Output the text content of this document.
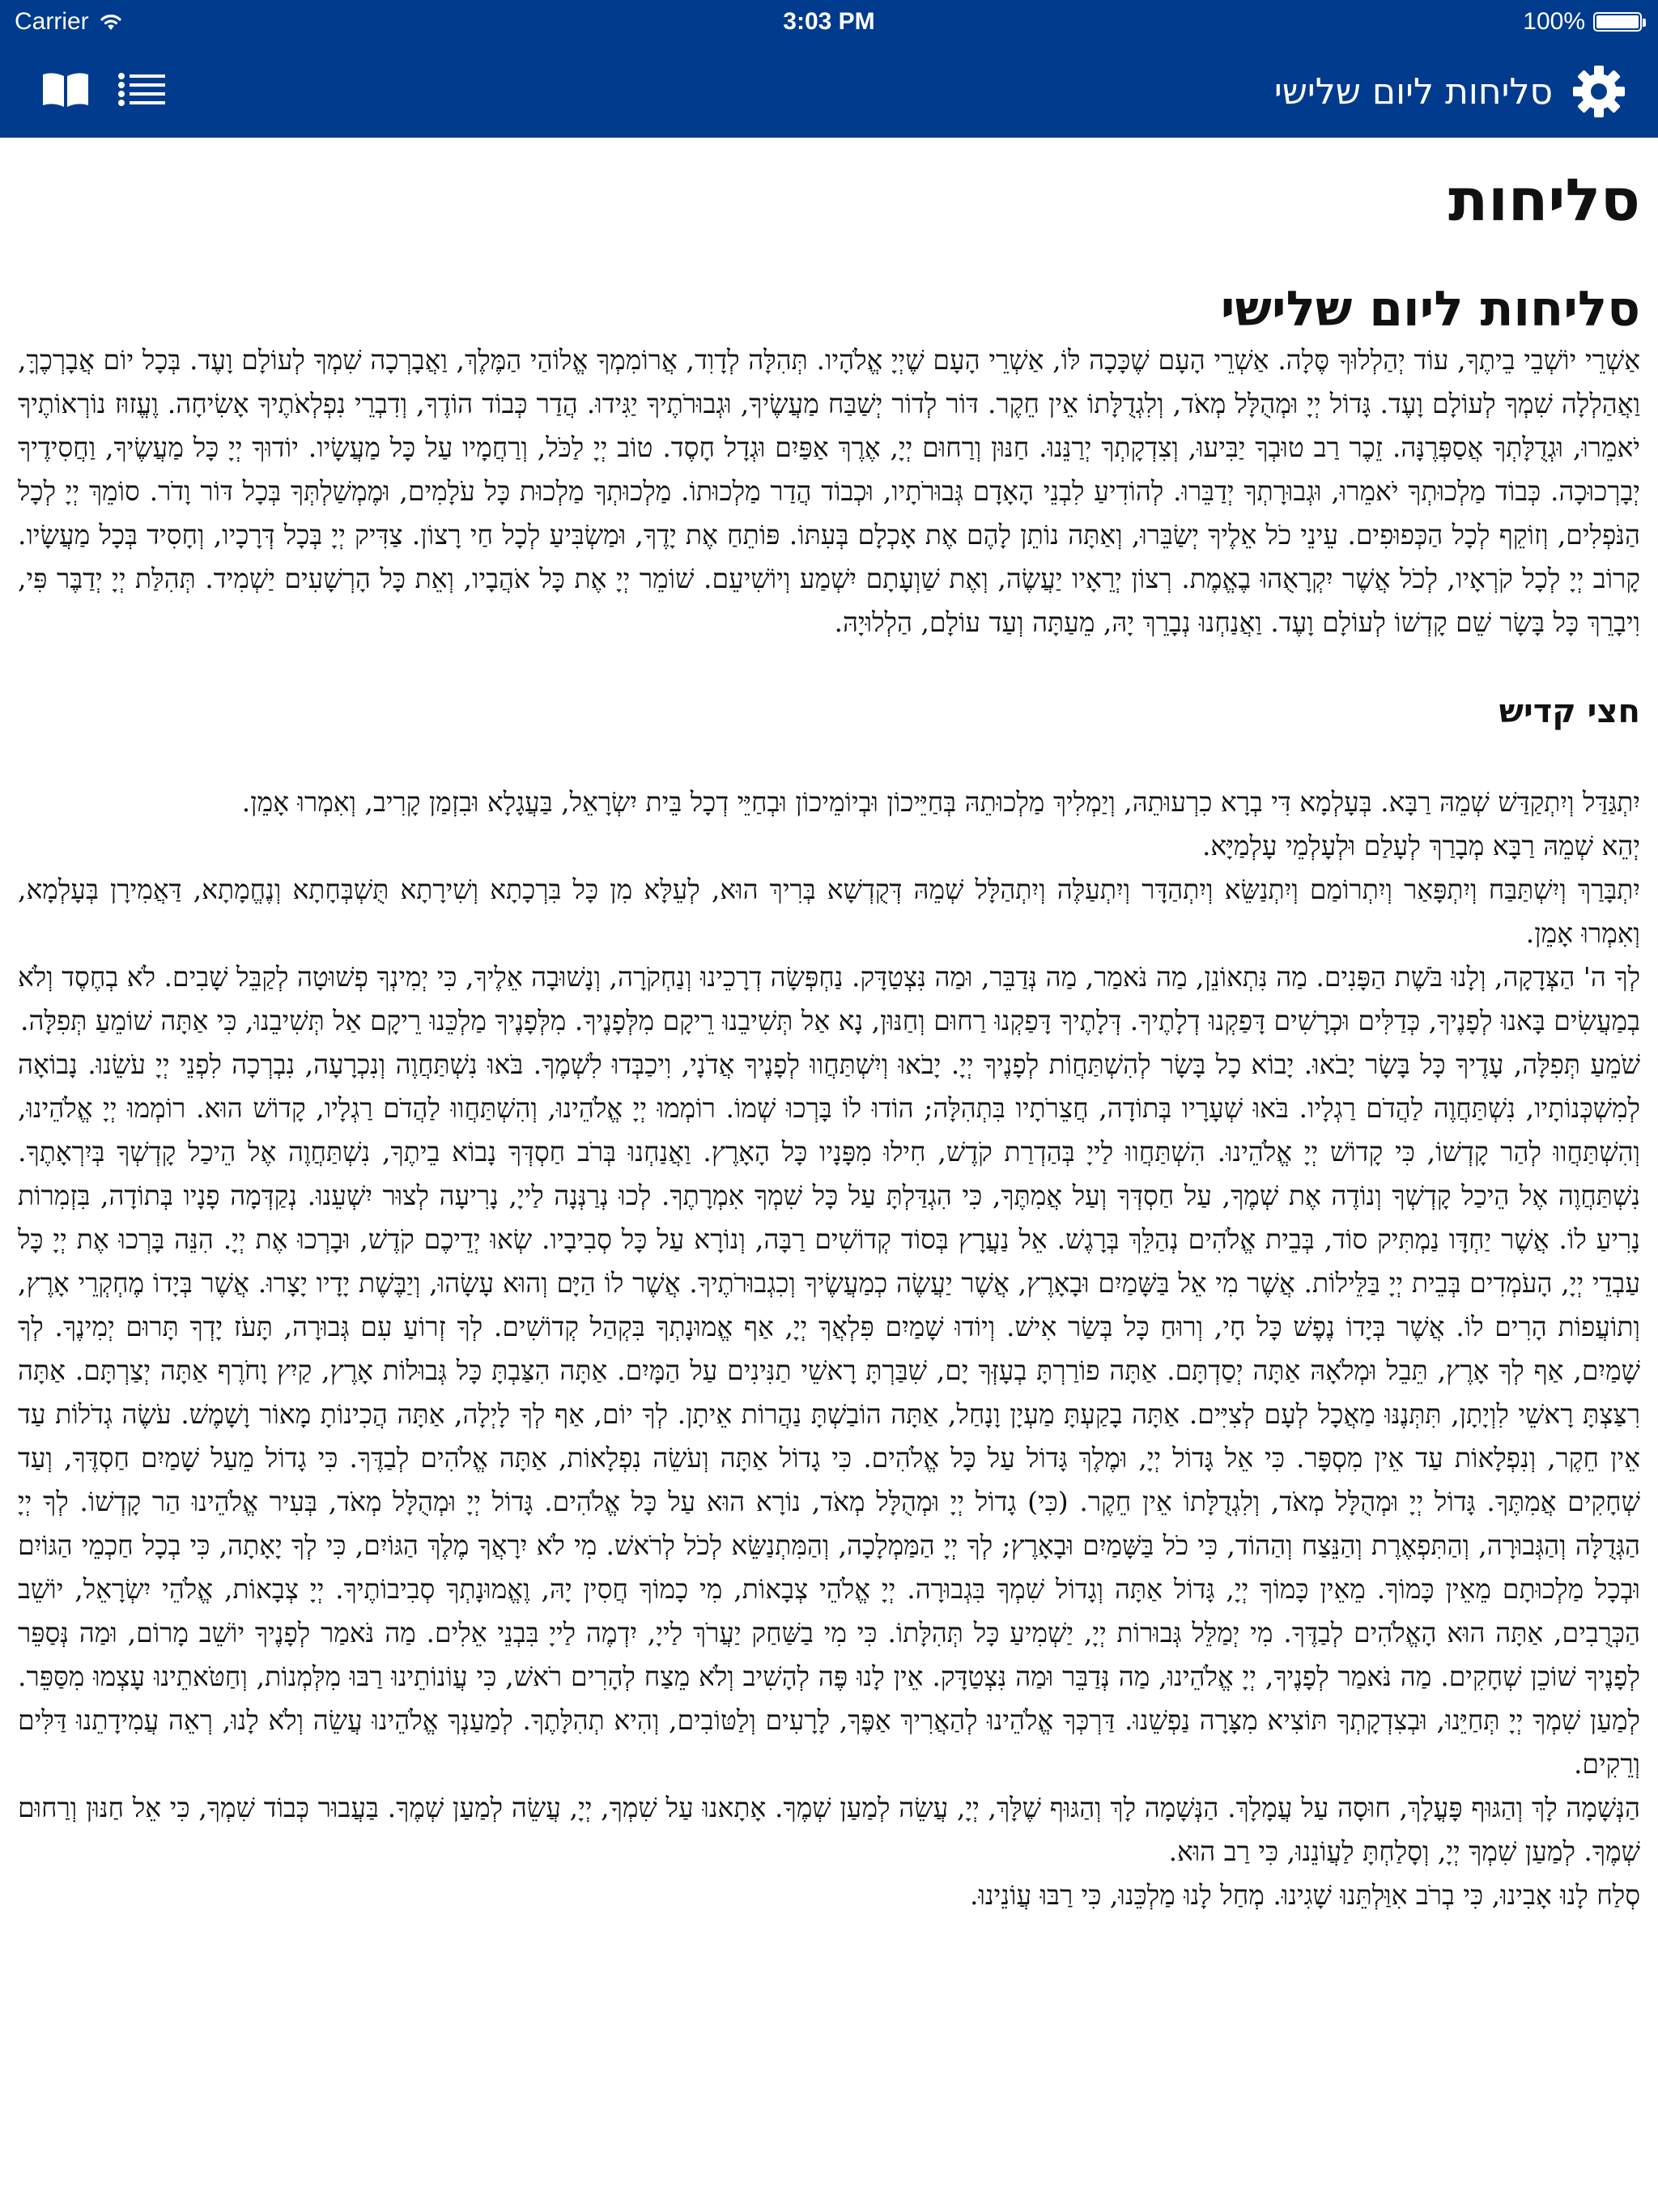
Carrier	3:03 PM	100%
סליחות ליום שלישי
סליחות
סליחות ליום שלישי

אַשְׁרֵי יוֹשְׁבֵי בֵיתֶךָ, עוֹד יְהַלְלוּךָ סֶּלָה. אַשְׁרֵי הָעָם שֶׁכָּכָה לּוֹ, אַשְׁרֵי הָעָם שֶׁיְיָ אֱלֹהָיו. תְּהִלָּה לְדָוִד, אֲרוֹמִמְךָ אֱלוֹהַי הַמֶּלֶךְ, וַאֲבָרְכָה שִׁמְךָ לְעוֹלָם וָעֶד. בְּכָל יוֹם אֲבָרְכֶךָּ, וַאֲהַלְלָה שִׁמְךָ לְעוֹלָם וָעֶד. גָּדוֹל יְיָ וּמְהֻלָּל מְאֹד, וְלִגְדֻלָּתוֹ אֵין חֵקֶר. דּוֹר לְדוֹר יְשַׁבַּח מַעֲשֶׂיךָ, וּגְבוּרֹתֶיךָ יַגִּידוּ. הֲדַר כְּבוֹד הוֹדֶךָ, וְדִבְרֵי נִפְלְאֹתֶיךָ אָשִׂיחָה. וֶעֱזוּז נוֹרְאוֹתֶיךָ יֹאמֵרוּ, וּגְדֻלָּתְךָ אֲסַפְּרֶנָּה. זֵכֶר רַב טוּבְךָ יַבִּיעוּ, וְצִדְקָתְךָ יְרַנֵּנוּ. חַנּוּן וְרַחוּם יְיָ, אֶרֶךְ אַפַּיִם וּגְדָל חָסֶד. טוֹב יְיָ לַכֹּל, וְרַחֲמָיו עַל כָּל מַעֲשָׂיו. יוֹדוּךָ יְיָ כָּל מַעֲשֶׂיךָ, וַחֲסִידֶיךָ יְבָרְכוּכָה. כְּבוֹד מַלְכוּתְךָ יֹאמֵרוּ, וּגְבוּרָתְךָ יְדַבֵּרוּ. לְהוֹדִיעַ לִבְנֵי הָאָדָם גְּבוּרֹתָיו, וּכְבוֹד הֲדַר מַלְכוּתוֹ. מַלְכוּתְךָ מַלְכוּת כָּל עֹלָמִים, וּמֶמְשַׁלְתְּךָ בְּכָל דּוֹר וָדֹר. סוֹמֵךְ יְיָ לְכָל הַנֹּפְלִים, וְזוֹקֵף לְכָל הַכְּפוּפִים. עֵינֵי כֹל אֵלֶיךָ יְשַׂבֵּרוּ, וְאַתָּה נוֹתֵן לָהֶם אֶת אָכְלָם בְּעִתּוֹ. פּוֹתֵחַ אֶת יָדֶךָ, וּמַשְׂבִּיעַ לְכָל חַי רָצוֹן. צַדִּיק יְיָ בְּכָל דְּרָכָיו, וְחָסִיד בְּכָל מַעֲשָׂיו. קָרוֹב יְיָ לְכָל קֹרְאָיו, לְכֹל אֲשֶׁר יִקְרָאֻהוּ בֶאֱמֶת. רְצוֹן יְרֵאָיו יַעֲשֶׂה, וְאֶת שַׁוְעָתָם יִשְׁמַע וְיוֹשִׁיעֵם. שׁוֹמֵר יְיָ אֶת כָּל אֹהֲבָיו, וְאֵת כָּל הָרְשָׁעִים יַשְׁמִיד. תְּהִלַּת יְיָ יְדַבֶּר פִּי, וִיבָרֵךְ כָּל בָּשָׂר שֵׁם קָדְשׁוֹ לְעוֹלָם וָעֶד. וַאֲנַחְנוּ נְבָרֵךְ יָהּ, מֵעַתָּה וְעַד עוֹלָם, הַלְלוּיָהּ.

חצי קדיש

יִתְגַּדַּל וְיִתְקַדַּשׁ שְׁמֵהּ רַבָּא. בְּעָלְמָא דִּי בְרָא כִרְעוּתֵהּ, וְיַמְלִיךְ מַלְכוּתֵהּ בְּחַיֵּיכוֹן וּבְיוֹמֵיכוֹן וּבְחַיֵּי דְכָל בֵּית יִשְׂרָאֵל, בַּעֲגָלָא וּבִזְמַן קָרִיב, וְאִמְרוּ אָמֵן.

יְהֵא שְׁמֵהּ רַבָּא מְבָרַךְ לְעָלַם וּלְעָלְמֵי עָלְמַיָּא.

יִתְבָּרַךְ וְיִשְׁתַּבַּח וְיִתְפָּאַר וְיִתְרוֹמַם וְיִתְנַשֵּׂא וְיִתְהַדָּר וְיִתְעַלֶּה וְיִתְהַלָּל שְׁמֵהּ דְּקֻדְשָׁא בְּרִיךְ הוּא, לְעֵלָּא מִן כָּל בִּרְכָתָא וְשִׁירָתָא תֻּשְׁבְּחָתָא וְנֶחֱמָתָא, דַּאֲמִירָן בְּעָלְמָא, וְאִמְרוּ אָמֵן.

לְךָ ה' הַצְּדָקָה, וְלָנוּ בֹּשֶׁת הַפָּנִים. מַה נִּתְאוֹנֵן, מַה נֹּאמַר, מַה נְּדַבֵּר, וּמַה נִּצְטַדָּק. נַחְפְּשָׂה דְרָכֵינוּ וְנַחְקֹרָה, וְנָשׁוּבָה אֵלֶיךָ, כִּי יְמִינְךָ פְשׁוּטָה לְקַבֵּל שָׁבִים. לֹא בְחֶסֶד וְלֹא בְמַעֲשִׂים בָּאנוּ לְפָנֶיךָ, כְּדַלִּים וּכְרָשִׁים דָּפַקְנוּ דְלָתֶיךָ. דְּלָתֶיךָ דָּפַקְנוּ רַחוּם וְחַנּוּן, נָא אַל תְּשִׁיבֵנוּ רֵיקָם מִלְּפָנֶיךָ. מִלְּפָנֶיךָ מַלְכֵּנוּ רֵיקָם אַל תְּשִׁיבֵנוּ, כִּי אַתָּה שׁוֹמֵעַ תְּפִלָּה.

שֹׁמֵעַ תְּפִלָּה, עָדֶיךָ כָּל בָּשָׂר יָבֹאוּ. יָבוֹא כָל בָּשָׂר לְהִשְׁתַּחֲוֹת לְפָנֶיךָ יְיָ. יָבֹאוּ וְיִשְׁתַּחֲווּ לְפָנֶיךָ אֲדֹנָי, וִיכַבְּדוּ לִשְׁמֶךָ. בֹּאוּ נִשְׁתַּחֲוֶה וְנִכְרָעָה, נִבְרְכָה לִפְנֵי יְיָ עֹשֵׂנוּ. נָבוֹאָה לְמִשְׁכְּנוֹתָיו, נִשְׁתַּחֲוֶה לַהֲדֹם רַגְלָיו. בֹּאוּ שְׁעָרָיו בְּתוֹדָה, חֲצֵרֹתָיו בִּתְהִלָּה; הוֹדוּ לוֹ בָּרְכוּ שְׁמוֹ. רוֹמְמוּ יְיָ אֱלֹהֵינוּ, וְהִשְׁתַּחֲווּ לַהֲדֹם רַגְלָיו, קָדוֹשׁ הוּא. רוֹמְמוּ יְיָ אֱלֹהֵינוּ, וְהִשְׁתַּחֲווּ לְהַר קָדְשׁוֹ, כִּי קָדוֹשׁ יְיָ אֱלֹהֵינוּ. הִשְׁתַּחֲווּ לַייָ בְּהַדְרַת קֹדֶשׁ, חִילוּ מִפָּנָיו כָּל הָאָרֶץ. וַאֲנַחְנוּ בְּרֹב חַסְדְּךָ נָבוֹא בֵיתֶךָ, נִשְׁתַּחֲוֶה אֶל הֵיכַל קָדְשְׁךָ בְּיִרְאָתֶךָ. נִשְׁתַּחֲוֶה אֶל הֵיכַל קָדְשְׁךָ וְנוֹדֶה אֶת שְׁמֶךָ, עַל חַסְדְּךָ וְעַל אֲמִתֶּךָ, כִּי הִגְדַּלְתָּ עַל כָּל שִׁמְךָ אִמְרָתֶךָ. לְכוּ נְרַנְּנָה לַייָ, נָרִיעָה לְצוּר יִשְׁעֵנוּ. נְקַדְּמָה פָנָיו בְּתוֹדָה, בִּזְמִרוֹת נָרִיעַ לוֹ. אֲשֶׁר יַחְדָּו נַמְתִּיק סוֹד, בְּבֵית אֱלֹהִים נְהַלֵּךְ בְּרָגֶשׁ. אֵל נַעֲרָץ בְּסוֹד קְדוֹשִׁים רַבָּה, וְנוֹרָא עַל כָּל סְבִיבָיו. שְׂאוּ יְדֵיכֶם קֹדֶשׁ, וּבָרְכוּ אֶת יְיָ. הִנֵּה בָּרְכוּ אֶת יְיָ כָּל עַבְדֵי יְיָ, הָעֹמְדִים בְּבֵית יְיָ בַּלֵּילוֹת. אֲשֶׁר מִי אֵל בַּשָּׁמַיִם וּבָאָרֶץ, אֲשֶׁר יַעֲשֶׂה כְמַעֲשֶׂיךָ וְכִגְבוּרֹתֶיךָ. אֲשֶׁר לוֹ הַיָּם וְהוּא עָשָׂהוּ, וְיַבֶּשֶׁת יָדָיו יָצָרוּ. אֲשֶׁר בְּיָדוֹ מֶחְקְרֵי אָרֶץ, וְתוֹעֲפוֹת הָרִים לוֹ. אֲשֶׁר בְּיָדוֹ נֶפֶשׁ כָּל חָי, וְרוּחַ כָּל בְּשַׂר אִישׁ. וְיוֹדוּ שָׁמַיִם פִּלְאֲךָ יְיָ, אַף אֱמוּנָתְךָ בִּקְהַל קְדוֹשִׁים. לְךָ זְרוֹעַ עִם גְּבוּרָה, תָּעֹז יָדְךָ תָּרוּם יְמִינֶךָ. לְךָ שָׁמַיִם, אַף לְךָ אָרֶץ, תֵּבֵל וּמְלֹאָהּ אַתָּה יְסַדְתָּם. אַתָּה פוֹרַרְתָּ בְעָזְּךָ יָם, שִׁבַּרְתָּ רָאשֵׁי תַנִּינִים עַל הַמָּיִם. אַתָּה הִצַּבְתָּ כָּל גְּבוּלוֹת אָרֶץ, קַיִץ וָחֹרֶף אַתָּה יְצַרְתָּם. אַתָּה רִצַּצְתָּ רָאשֵׁי לִוְיָתָן, תִּתְּנֶנּוּ מַאֲכָל לְעָם לְצִיִּים. אַתָּה בָקַעְתָּ מַעְיָן וָנָחַל, אַתָּה הוֹבַשְׁתָּ נַהֲרוֹת אֵיתָן. לְךָ יוֹם, אַף לְךָ לָיְלָה, אַתָּה הֲכִינוֹתָ מָאוֹר וָשָׁמֶשׁ. עֹשֶׂה גְדֹלוֹת עַד אֵין חֵקֶר, וְנִפְלָאוֹת עַד אֵין מִסְפָּר. כִּי אֵל גָּדוֹל יְיָ, וּמֶלֶךְ גָּדוֹל עַל כָּל אֱלֹהִים. כִּי גָדוֹל אַתָּה וְעֹשֵׂה נִפְלָאוֹת, אַתָּה אֱלֹהִים לְבַדֶּךָ. כִּי גָדוֹל מֵעַל שָׁמַיִם חַסְדֶּךָ, וְעַד שְׁחָקִים אֲמִתֶּךָ. גָּדוֹל יְיָ וּמְהֻלָּל מְאֹד, וְלִגְדֻלָּתוֹ אֵין חֵקֶר. (כִּי) גָדוֹל יְיָ וּמְהֻלָּל מְאֹד, נוֹרָא הוּא עַל כָּל אֱלֹהִים. גָּדוֹל יְיָ וּמְהֻלָּל מְאֹד, בְּעִיר אֱלֹהֵינוּ הַר קָדְשׁוֹ. לְךָ יְיָ הַגְּדֻלָּה וְהַגְּבוּרָה, וְהַתִּפְאֶרֶת וְהַנֵּצַח וְהַהוֹד, כִּי כֹל בַּשָּׁמַיִם וּבָאָרֶץ; לְךָ יְיָ הַמַּמְלָכָה, וְהַמִּתְנַשֵּׂא לְכֹל לְרֹאשׁ. מִי לֹא יִרָאֲךָ מֶלֶךְ הַגּוֹיִם, כִּי לְךָ יָאָתָה, כִּי בְכָל חַכְמֵי הַגּוֹיִם וּבְכָל מַלְכוּתָם מֵאֵין כָּמוֹךָ. מֵאֵין כָּמוֹךָ יְיָ, גָּדוֹל אַתָּה וְגָדוֹל שִׁמְךָ בִּגְבוּרָה. יְיָ אֱלֹהֵי צְבָאוֹת, מִי כָמוֹךָ חֲסִין יָהּ, וֶאֱמוּנָתְךָ סְבִיבוֹתֶיךָ. יְיָ צְבָאוֹת, אֱלֹהֵי יִשְׂרָאֵל, יוֹשֵׁב הַכְּרֻבִים, אַתָּה הוּא הָאֱלֹהִים לְבַדֶּךָ. מִי יְמַלֵּל גְּבוּרוֹת יְיָ, יַשְׁמִיעַ כָּל תְּהִלָּתוֹ. כִּי מִי בַשַּׁחַק יַעֲרֹךְ לַייָ, יִדְמֶה לַייָ בִּבְנֵי אֵלִים. מַה נֹּאמַר לְפָנֶיךָ יוֹשֵׁב מָרוֹם, וּמַה נְּסַפֵּר לְפָנֶיךָ שׁוֹכֵן שְׁחָקִים. מַה נֹּאמַר לְפָנֶיךָ, יְיָ אֱלֹהֵינוּ, מַה נְּדַבֵּר וּמַה נִּצְטַדָּק. אֵין לָנוּ פֶּה לְהָשִׁיב וְלֹא מֵצַח לְהָרִים רֹאשׁ, כִּי עֲוֹנוֹתֵינוּ רַבּוּ מִלְּמְנוֹת, וְחַטֹּאתֵינוּ עָצְמוּ מִסַּפֵּר. לְמַעַן שִׁמְךָ יְיָ תְּחַיֵּנוּ, וּבְצִדְקָתְךָ תּוֹצִיא מִצָּרָה נַפְשֵׁנוּ. דַּרְכְּךָ אֱלֹהֵינוּ לְהַאֲרִיךְ אַפֶּךָ, לָרָעִים וְלַטּוֹבִים, וְהִיא תְהִלָּתֶךָ. לְמַעַנְךָ אֱלֹהֵינוּ עֲשֵׂה וְלֹא לָנוּ, רְאֵה עֲמִידָתֵנוּ דַּלִּים וְרֵקִים.

הַנְּשָׁמָה לָךְ וְהַגּוּף פָּעֳלָךְ, חוּסָה עַל עֲמָלָךְ. הַנְּשָׁמָה לָךְ וְהַגּוּף שֶׁלָּךְ, יְיָ, עֲשֵׂה לְמַעַן שְׁמֶךָ. אָתָאנוּ עַל שִׁמְךָ, יְיָ, עֲשֵׂה לְמַעַן שְׁמֶךָ. בַּעֲבוּר כְּבוֹד שִׁמְךָ, כִּי אֵל חַנּוּן וְרַחוּם שְׁמֶךָ. לְמַעַן שִׁמְךָ יְיָ, וְסָלַחְתָּ לַעֲוֹנֵנוּ, כִּי רַב הוּא.

סְלַח לָנוּ אָבִינוּ, כִּי בְרֹב אִוַּלְתֵּנוּ שָׁגִינוּ. מְחַל לָנוּ מַלְכֵּנוּ, כִּי רַבּוּ עֲוֹנֵינוּ.
